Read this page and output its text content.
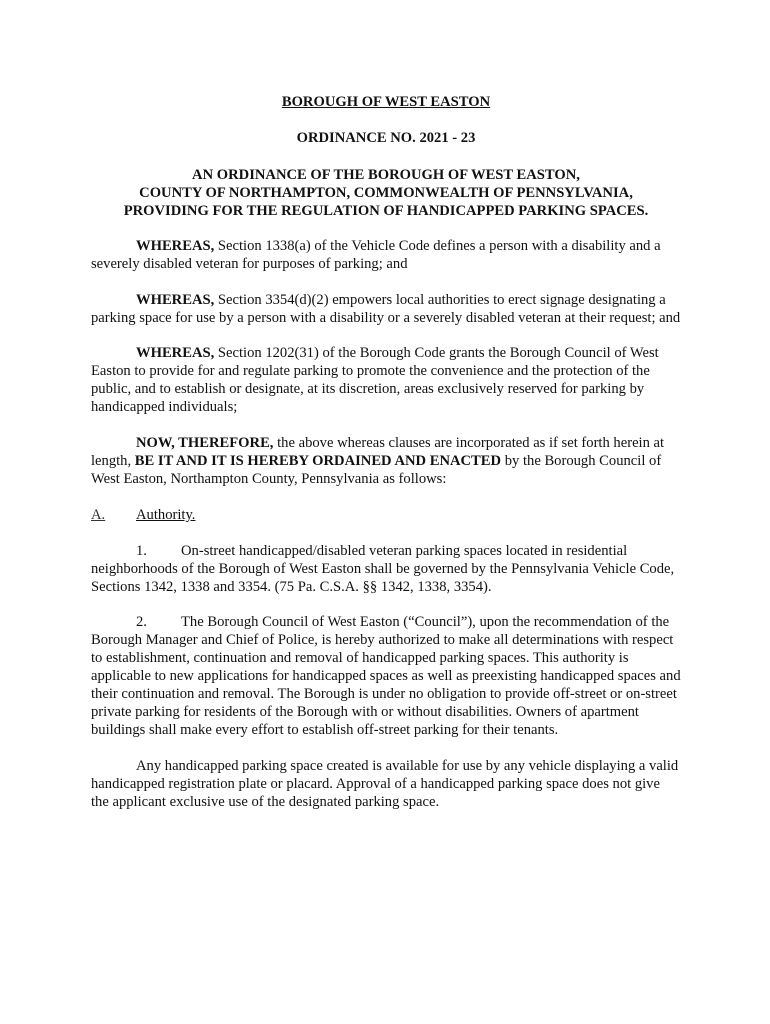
BOROUGH OF WEST EASTON
ORDINANCE NO. 2021 - 23
AN ORDINANCE OF THE BOROUGH OF WEST EASTON,
COUNTY OF NORTHAMPTON, COMMONWEALTH OF PENNSYLVANIA,
PROVIDING FOR THE REGULATION OF HANDICAPPED PARKING SPACES.

WHEREAS, Section 1338(a) of the Vehicle Code defines a person with a disability and a severely disabled veteran for purposes of parking; and

WHEREAS, Section 3354(d)(2) empowers local authorities to erect signage designating a parking space for use by a person with a disability or a severely disabled veteran at their request; and

WHEREAS, Section 1202(31) of the Borough Code grants the Borough Council of West Easton to provide for and regulate parking to promote the convenience and the protection of the public, and to establish or designate, at its discretion, areas exclusively reserved for parking by handicapped individuals;

NOW, THEREFORE, the above whereas clauses are incorporated as if set forth herein at length, BE IT AND IT IS HEREBY ORDAINED AND ENACTED by the Borough Council of West Easton, Northampton County, Pennsylvania as follows:

A.	Authority.

1. On-street handicapped/disabled veteran parking spaces located in residential neighborhoods of the Borough of West Easton shall be governed by the Pennsylvania Vehicle Code, Sections 1342, 1338 and 3354. (75 Pa. C.S.A. §§ 1342, 1338, 3354).

2. The Borough Council of West Easton (“Council”), upon the recommendation of the Borough Manager and Chief of Police, is hereby authorized to make all determinations with respect to establishment, continuation and removal of handicapped parking spaces. This authority is applicable to new applications for handicapped spaces as well as preexisting handicapped spaces and their continuation and removal. The Borough is under no obligation to provide off-street or on-street private parking for residents of the Borough with or without disabilities. Owners of apartment buildings shall make every effort to establish off-street parking for their tenants.

Any handicapped parking space created is available for use by any vehicle displaying a valid handicapped registration plate or placard. Approval of a handicapped parking space does not give the applicant exclusive use of the designated parking space.
